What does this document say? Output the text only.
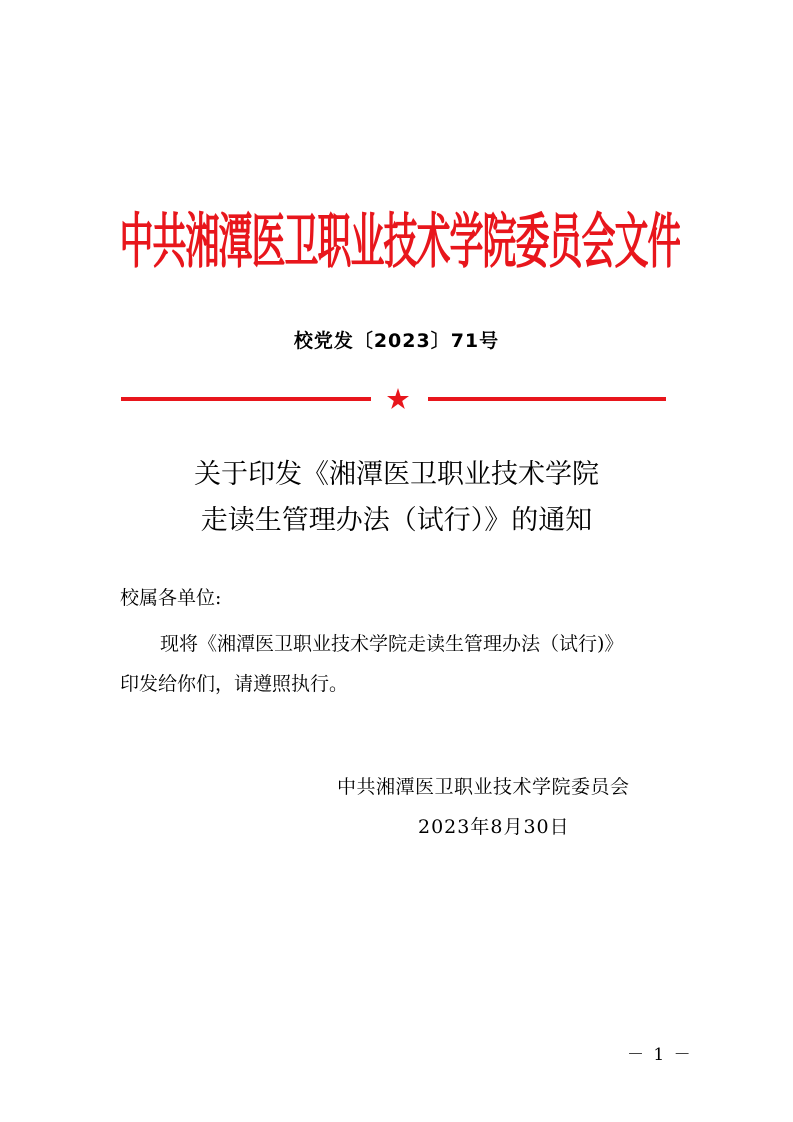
中共湘潭医卫职业技术学院委员会文件
校党发〔2023〕71号
关于印发《湘潭医卫职业技术学院
走读生管理办法（试行）》的通知
校属各单位:
现将《湘潭医卫职业技术学院走读生管理办法（试行)》
印发给你们，请遵照执行。
中共湘潭医卫职业技术学院委员会
2023年8月30日
－ 1 －
